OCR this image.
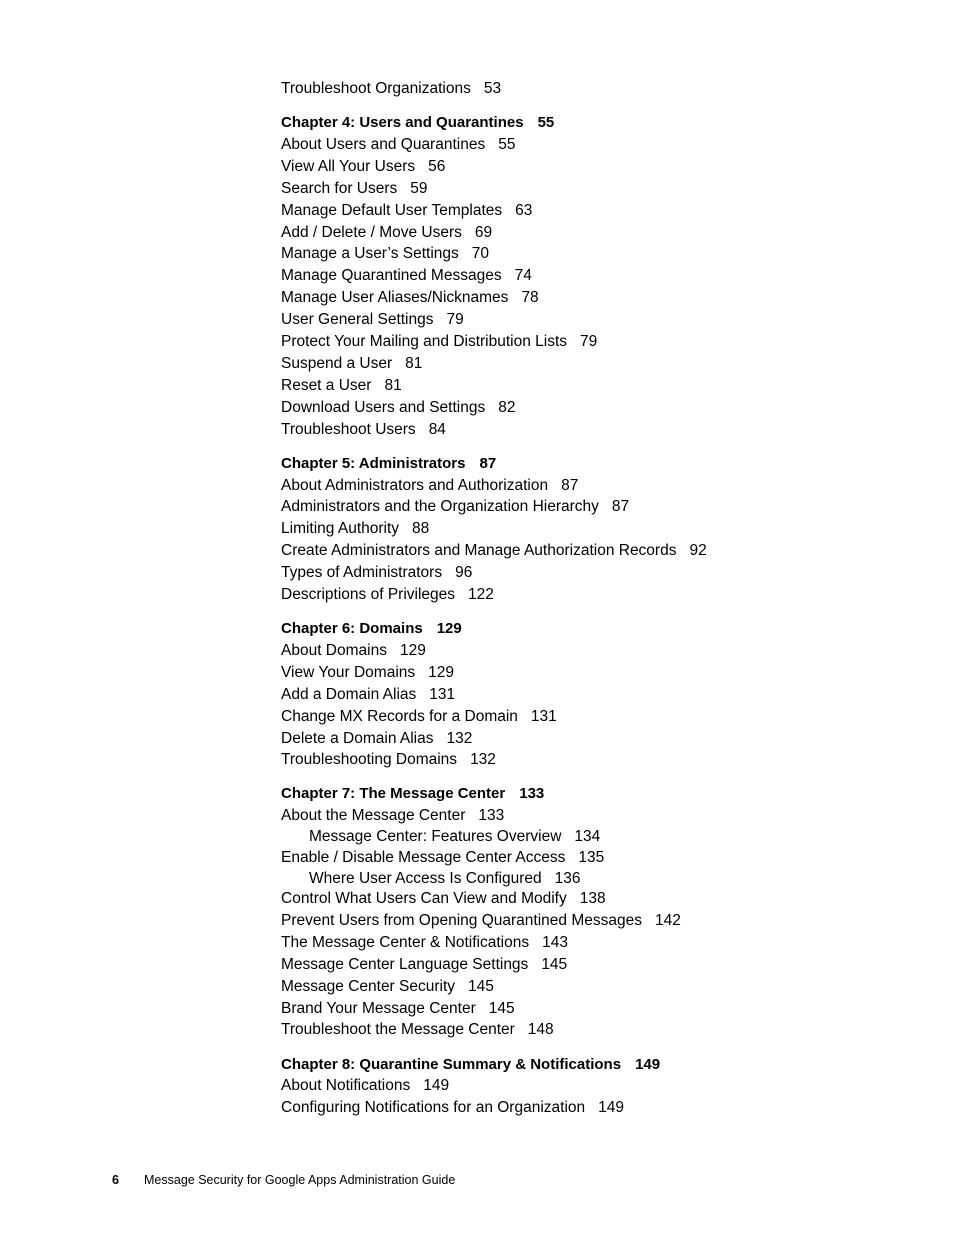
Troubleshoot Organizations 53
Chapter 4: Users and Quarantines 55
About Users and Quarantines 55
View All Your Users 56
Search for Users 59
Manage Default User Templates 63
Add / Delete / Move Users 69
Manage a User’s Settings 70
Manage Quarantined Messages 74
Manage User Aliases/Nicknames 78
User General Settings 79
Protect Your Mailing and Distribution Lists 79
Suspend a User 81
Reset a User 81
Download Users and Settings 82
Troubleshoot Users 84
Chapter 5: Administrators 87
About Administrators and Authorization 87
Administrators and the Organization Hierarchy 87
Limiting Authority 88
Create Administrators and Manage Authorization Records 92
Types of Administrators 96
Descriptions of Privileges 122
Chapter 6: Domains 129
About Domains 129
View Your Domains 129
Add a Domain Alias 131
Change MX Records for a Domain 131
Delete a Domain Alias 132
Troubleshooting Domains 132
Chapter 7: The Message Center 133
About the Message Center 133
Message Center: Features Overview 134
Enable / Disable Message Center Access 135
Where User Access Is Configured 136
Control What Users Can View and Modify 138
Prevent Users from Opening Quarantined Messages 142
The Message Center & Notifications 143
Message Center Language Settings 145
Message Center Security 145
Brand Your Message Center 145
Troubleshoot the Message Center 148
Chapter 8: Quarantine Summary & Notifications 149
About Notifications 149
Configuring Notifications for an Organization 149
6 Message Security for Google Apps Administration Guide
